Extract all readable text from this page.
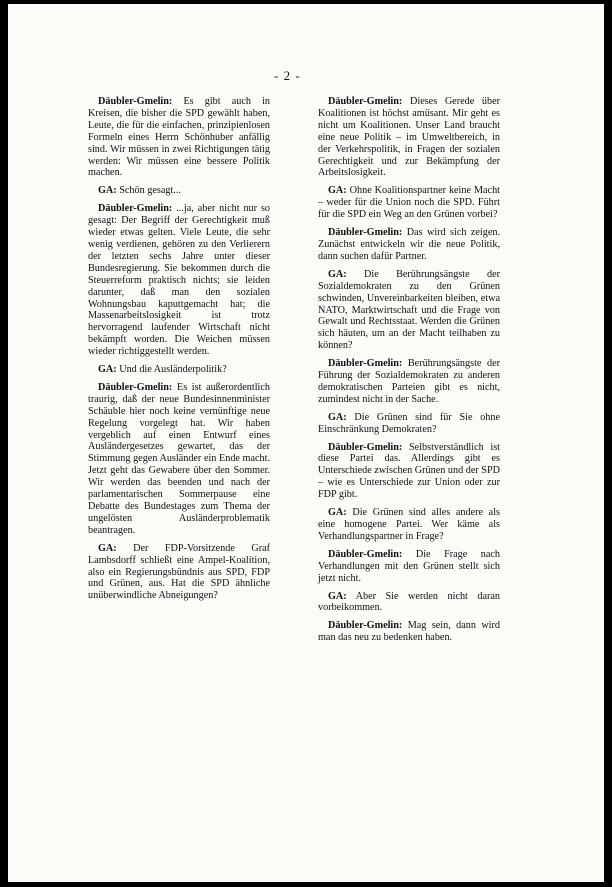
- 2 -

Däubler-Gmelin: Es gibt auch in Kreisen, die bisher die SPD gewählt haben, Leute, die für die einfachen, prinzipienlosen Formeln eines Herrn Schönhuber anfällig sind. Wir müssen in zwei Richtigungen tätig werden: Wir müssen eine bessere Politik machen.

GA: Schön gesagt...

Däubler-Gmelin: ...ja, aber nicht nur so gesagt: Der Begriff der Gerechtigkeit muß wieder etwas gelten. Viele Leute, die sehr wenig verdienen, gehören zu den Verlierern der letzten sechs Jahre unter dieser Bundesregierung. Sie bekommen durch die Steuerreform praktisch nichts; sie leiden darunter, daß man den sozialen Wohnungsbau kaputtgemacht hat; die Massenarbeitslosigkeit ist trotz hervorragend laufender Wirtschaft nicht bekämpft worden. Die Weichen müssen wieder richtiggestellt werden.

GA: Und die Ausländerpolitik?

Däubler-Gmelin: Es ist außerordentlich traurig, daß der neue Bundesinnenminister Schäuble hier noch keine vernünftige neue Regelung vorgelegt hat. Wir haben vergeblich auf einen Entwurf eines Ausländergesetzes gewartet, das der Stimmung gegen Ausländer ein Ende macht. Jetzt geht das Gewabere über den Sommer. Wir werden das beenden und nach der parlamentarischen Sommerpause eine Debatte des Bundestages zum Thema der ungelösten Ausländerproblematik beantragen.

GA: Der FDP-Vorsitzende Graf Lambsdorff schließt eine Ampel-Koalition, also ein Regierungsbündnis aus SPD, FDP und Grünen, aus. Hat die SPD ähnliche unüberwindliche Abneigungen?

Däubler-Gmelin: Dieses Gerede über Koalitionen ist höchst amüsant. Mir geht es nicht um Koalitionen. Unser Land braucht eine neue Politik – im Umweltbereich, in der Verkehrspolitik, in Fragen der sozialen Gerechtigkeit und zur Bekämpfung der Arbeitslosigkeit.

GA: Ohne Koalitionspartner keine Macht – weder für die Union noch die SPD. Führt für die SPD ein Weg an den Grünen vorbei?

Däubler-Gmelin: Das wird sich zeigen. Zunächst entwickeln wir die neue Politik, dann suchen dafür Partner.

GA: Die Berührungsängste der Sozialdemokraten zu den Grünen schwinden, Unvereinbarkeiten bleiben, etwa NATO, Marktwirtschaft und die Frage von Gewalt und Rechtsstaat. Werden die Grünen sich häuten, um an der Macht teilhaben zu können?

Däubler-Gmelin: Berührungsängste der Führung der Sozialdemokraten zu anderen demokratischen Parteien gibt es nicht, zumindest nicht in der Sache.

GA: Die Grünen sind für Sie ohne Einschränkung Demokraten?

Däubler-Gmelin: Selbstverständlich ist diese Partei das. Allerdings gibt es Unterschiede zwischen Grünen und der SPD – wie es Unterschiede zur Union oder zur FDP gibt.

GA: Die Grünen sind alles andere als eine homogene Partei. Wer käme als Verhandlungspartner in Frage?

Däubler-Gmelin: Die Frage nach Verhandlungen mit den Grünen stellt sich jetzt nicht.

GA: Aber Sie werden nicht daran vorbeikommen.

Däubler-Gmelin: Mag sein, dann wird man das neu zu bedenken haben.
